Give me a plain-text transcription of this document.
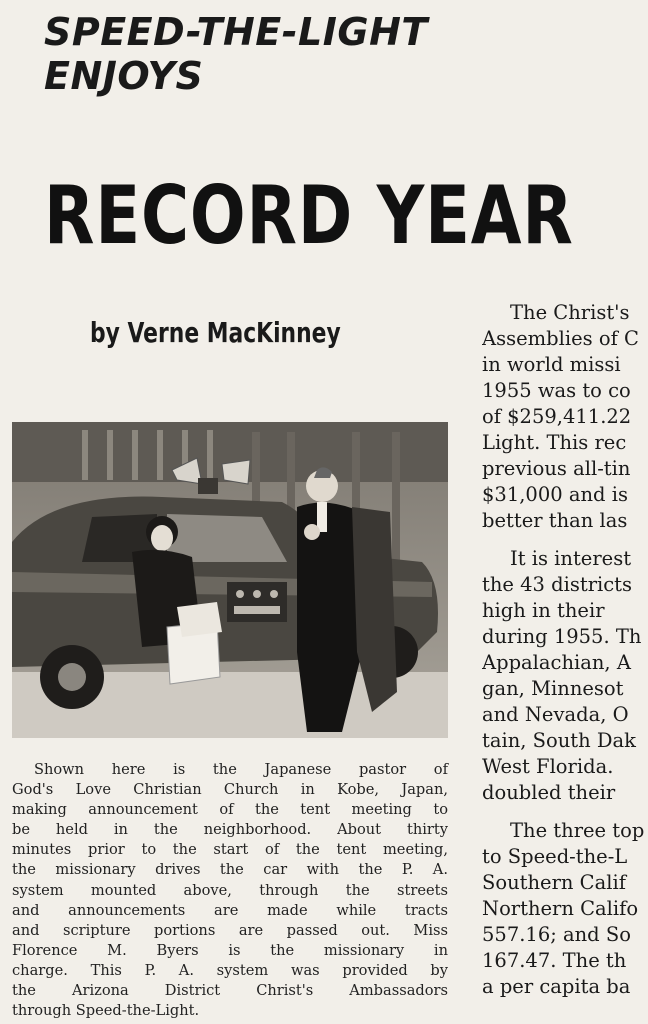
SPEED-THE-LIGHT
ENJOYS
RECORD YEAR
by Verne MacKinney
Shown here is the Japanese pastor of
God's Love Christian Church in Kobe, Japan,
making announcement of the tent meeting to
be held in the neighborhood. About thirty
minutes prior to the start of the tent meeting,
the missionary drives the car with the P. A.
system mounted above, through the streets
and announcements are made while tracts
and scripture portions are passed out. Miss
Florence M. Byers is the missionary in
charge. This P. A. system was provided by
the Arizona District Christ's Ambassadors
through Speed-the-Light.

The Christ's
Assemblies of C
in world missi
1955 was to co
of $259,411.22
Light. This rec
previous all-tin
$31,000 and is
better than las

It is interest
the 43 districts
high in their
during 1955. Th
Appalachian, A
gan, Minnesot
and Nevada, O
tain, South Dak
West Florida.
doubled their

The three top
to Speed-the-L
Southern Calif
Northern Califo
557.16; and So
167.47. The th
a per capita ba
